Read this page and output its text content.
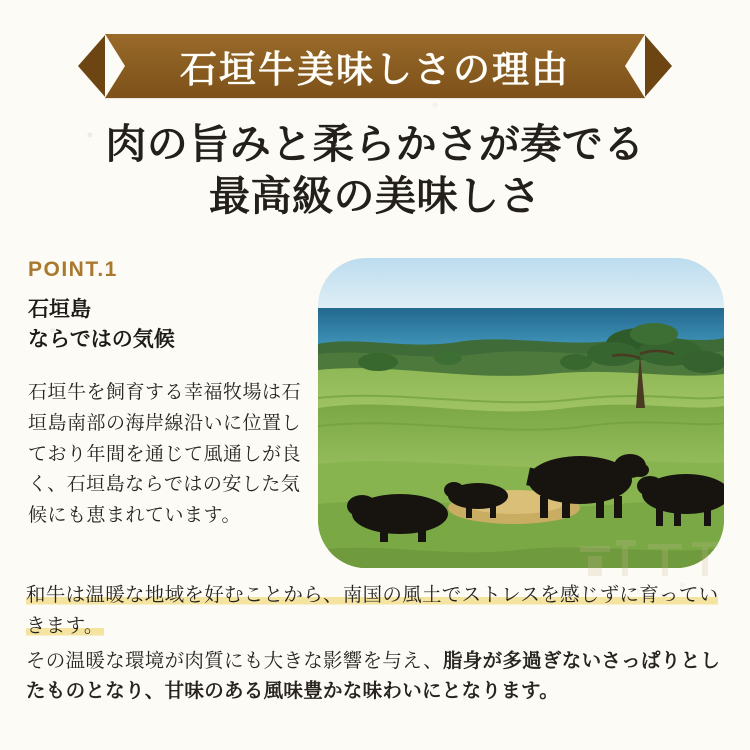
石垣牛美味しさの理由
肉の旨みと柔らかさが奏でる
最高級の美味しさ
POINT.1
石垣島
ならではの気候
石垣牛を飼育する幸福牧場は石垣島南部の海岸線沿いに位置しており年間を通じて風通しが良く、石垣島ならではの安した気候にも恵まれています。

和牛は温暖な地域を好むことから、南国の風土でストレスを感じずに育っていきます。

その温暖な環境が肉質にも大きな影響を与え、脂身が多過ぎないさっぱりとしたものとなり、甘味のある風味豊かな味わいにとなります。
